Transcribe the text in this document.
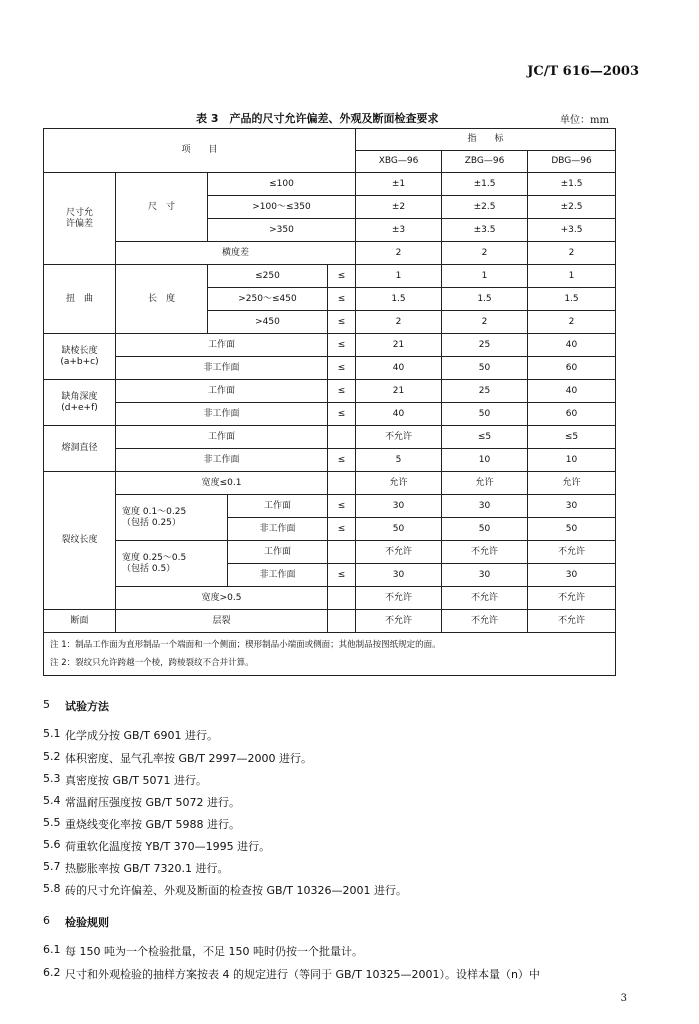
JC/T 616—2003
表 3　产品的尺寸允许偏差、外观及断面检查要求	单位：mm
项　　目					指　　标		
					XBG—96	ZBG—96	DBG—96
尺寸允
许偏差	尺　寸	≤100			±1	±1.5	±1.5
		>100～≤350			±2	±2.5	±2.5
		>350			±3	±3.5	+3.5
	横度差				2	2	2
扭　曲	长　度	≤250		≤	1	1	1
		>250～≤450		≤	1.5	1.5	1.5
		>450		≤	2	2	2
缺棱长度
(a+b+c)	工作面			≤	21	25	40
	非工作面			≤	40	50	60
缺角深度
(d+e+f)	工作面			≤	21	25	40
	非工作面			≤	40	50	60
熔洞直径	工作面				不允许	≤5	≤5
	非工作面			≤	5	10	10
裂纹长度	宽度≤0.1				允许	允许	允许
	宽度 0.1～0.25
（包括 0.25）		工作面	≤	30	30	30
			非工作面	≤	50	50	50
	宽度 0.25～0.5
（包括 0.5）		工作面		不允许	不允许	不允许
			非工作面	≤	30	30	30
	宽度>0.5				不允许	不允许	不允许
断面	层裂				不允许	不允许	不允许

注 1：制品工作面为直形制品一个端面和一个侧面；楔形制品小端面或侧面；其他制品按图纸规定的面。
注 2：裂纹只允许跨越一个棱，跨棱裂纹不合并计算。							
5 试验方法
5.1 化学成分按 GB/T 6901 进行。
5.2 体积密度、显气孔率按 GB/T 2997—2000 进行。
5.3 真密度按 GB/T 5071 进行。
5.4 常温耐压强度按 GB/T 5072 进行。
5.5 重烧线变化率按 GB/T 5988 进行。
5.6 荷重软化温度按 YB/T 370—1995 进行。
5.7 热膨胀率按 GB/T 7320.1 进行。
5.8 砖的尺寸允许偏差、外观及断面的检查按 GB/T 10326—2001 进行。
6 检验规则
6.1 每 150 吨为一个检验批量，不足 150 吨时仍按一个批量计。
6.2 尺寸和外观检验的抽样方案按表 4 的规定进行（等同于 GB/T 10325—2001）。设样本量（n）中
3
